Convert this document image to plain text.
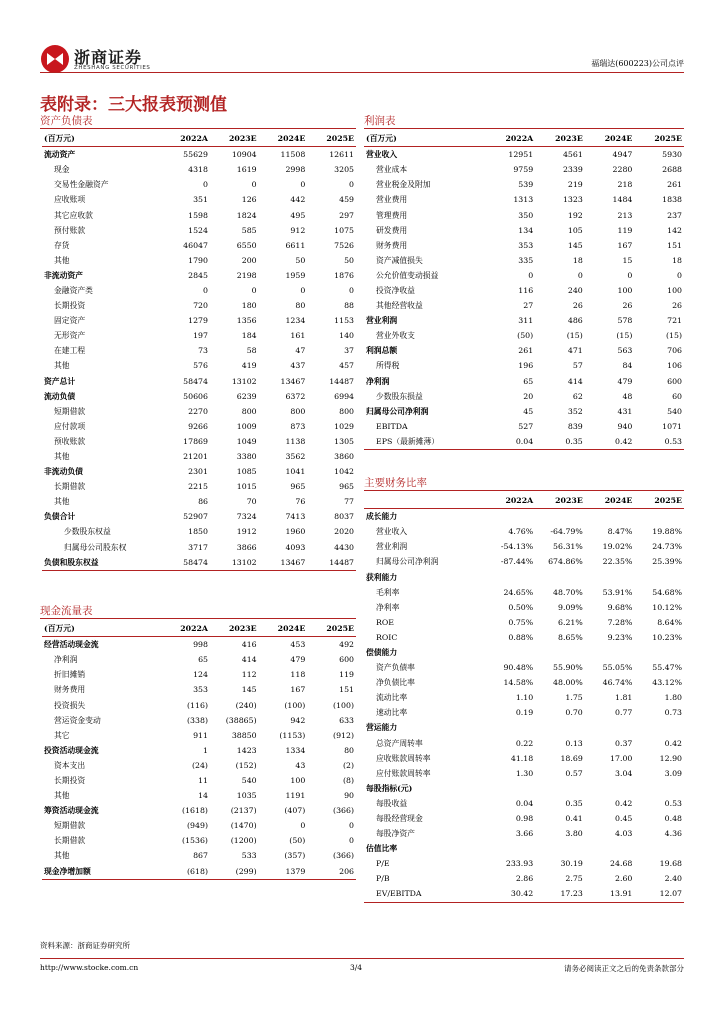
浙商证券
ZHESHANG SECURITIES	福瑞达(600223)公司点评
表附录：三大报表预测值
资产负债表	利润表
主要财务比率
现金流量表
(百万元)	2022A	2023E	2024E	2025E
流动资产	55629	10904	11508	12611
现金	4318	1619	2998	3205
交易性金融资产	0	0	0	0
应收账项	351	126	442	459
其它应收款	1598	1824	495	297
预付账款	1524	585	912	1075
存货	46047	6550	6611	7526
其他	1790	200	50	50
非流动资产	2845	2198	1959	1876
金融资产类	0	0	0	0
长期投资	720	180	80	88
固定资产	1279	1356	1234	1153
无形资产	197	184	161	140
在建工程	73	58	47	37
其他	576	419	437	457
资产总计	58474	13102	13467	14487
流动负债	50606	6239	6372	6994
短期借款	2270	800	800	800
应付款项	9266	1009	873	1029
预收账款	17869	1049	1138	1305
其他	21201	3380	3562	3860
非流动负债	2301	1085	1041	1042
长期借款	2215	1015	965	965
其他	86	70	76	77
负债合计	52907	7324	7413	8037
少数股东权益	1850	1912	1960	2020
归属母公司股东权	3717	3866	4093	4430
负债和股东权益	58474	13102	13467	14487
(百万元)	2022A	2023E	2024E	2025E
经营活动现金流	998	416	453	492
净利润	65	414	479	600
折旧摊销	124	112	118	119
财务费用	353	145	167	151
投资损失	(116)	(240)	(100)	(100)
营运资金变动	(338)	(38865)	942	633
其它	911	38850	(1153)	(912)
投资活动现金流	1	1423	1334	80
资本支出	(24)	(152)	43	(2)
长期投资	11	540	100	(8)
其他	14	1035	1191	90
筹资活动现金流	(1618)	(2137)	(407)	(366)
短期借款	(949)	(1470)	0	0
长期借款	(1536)	(1200)	(50)	0
其他	867	533	(357)	(366)
现金净增加额	(618)	(299)	1379	206
(百万元)	2022A	2023E	2024E	2025E
营业收入	12951	4561	4947	5930
营业成本	9759	2339	2280	2688
营业税金及附加	539	219	218	261
营业费用	1313	1323	1484	1838
管理费用	350	192	213	237
研发费用	134	105	119	142
财务费用	353	145	167	151
资产减值损失	335	18	15	18
公允价值变动损益	0	0	0	0
投资净收益	116	240	100	100
其他经营收益	27	26	26	26
营业利润	311	486	578	721
营业外收支	(50)	(15)	(15)	(15)
利润总额	261	471	563	706
所得税	196	57	84	106
净利润	65	414	479	600
少数股东损益	20	62	48	60
归属母公司净利润	45	352	431	540
EBITDA	527	839	940	1071
EPS（最新摊薄）	0.04	0.35	0.42	0.53
	2022A	2023E	2024E	2025E
成长能力				
营业收入	4.76%	-64.79%	8.47%	19.88%
营业利润	-54.13%	56.31%	19.02%	24.73%
归属母公司净利润	-87.44%	674.86%	22.35%	25.39%
获利能力				
毛利率	24.65%	48.70%	53.91%	54.68%
净利率	0.50%	9.09%	9.68%	10.12%
ROE	0.75%	6.21%	7.28%	8.64%
ROIC	0.88%	8.65%	9.23%	10.23%
偿债能力				
资产负债率	90.48%	55.90%	55.05%	55.47%
净负债比率	14.58%	48.00%	46.74%	43.12%
流动比率	1.10	1.75	1.81	1.80
速动比率	0.19	0.70	0.77	0.73
营运能力				
总资产周转率	0.22	0.13	0.37	0.42
应收账款周转率	41.18	18.69	17.00	12.90
应付账款周转率	1.30	0.57	3.04	3.09
每股指标(元)				
每股收益	0.04	0.35	0.42	0.53
每股经营现金	0.98	0.41	0.45	0.48
每股净资产	3.66	3.80	4.03	4.36
估值比率				
P/E	233.93	30.19	24.68	19.68
P/B	2.86	2.75	2.60	2.40
EV/EBITDA	30.42	17.23	13.91	12.07
资料来源：浙商证券研究所
http://www.stocke.com.cn	3/4	请务必阅读正文之后的免责条款部分
